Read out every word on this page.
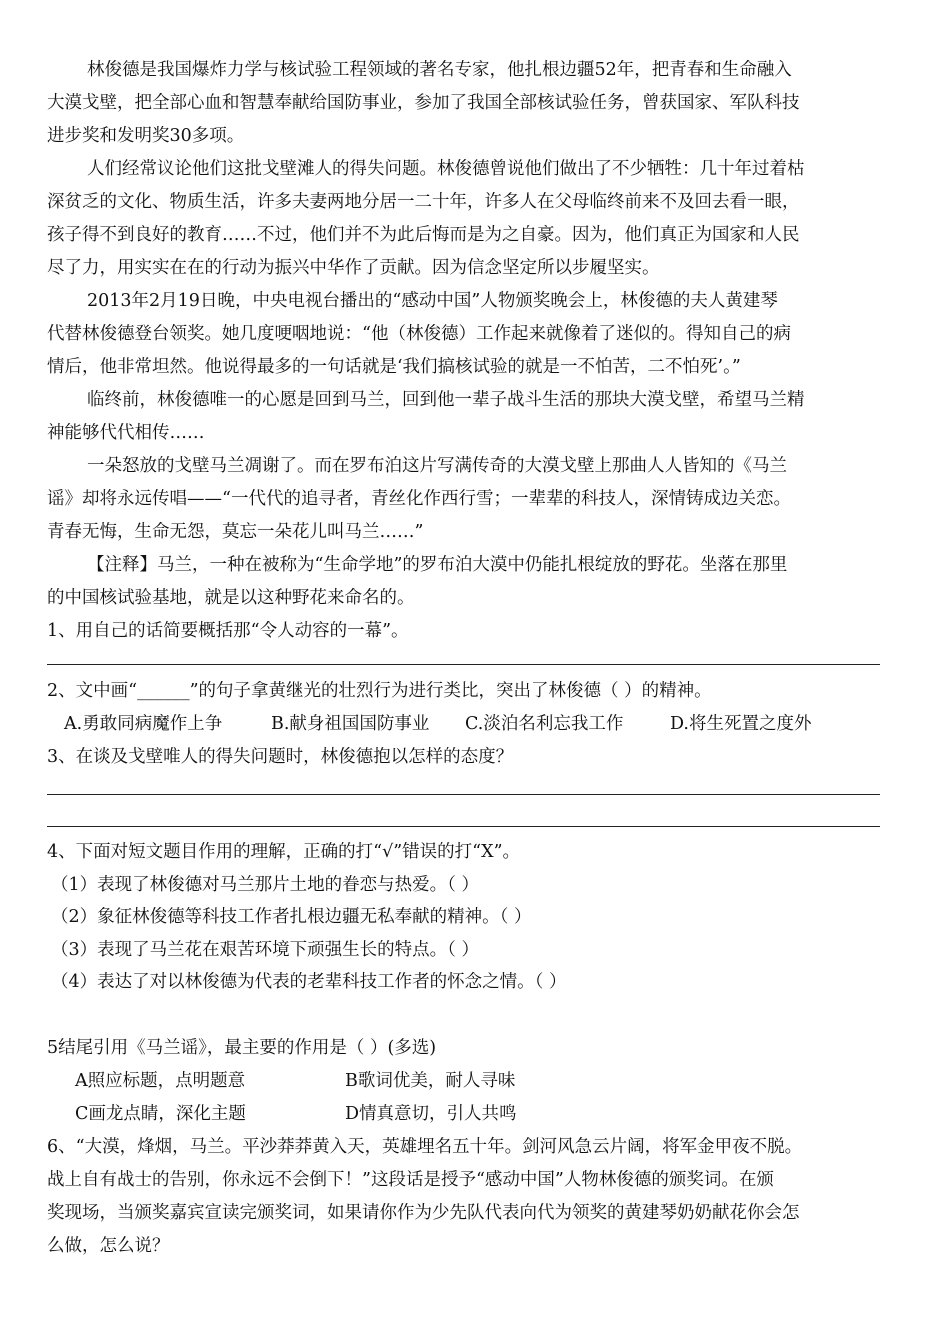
林俊德是我国爆炸力学与核试验工程领域的著名专家，他扎根边疆52年，把青春和生命融入
大漠戈壁，把全部心血和智慧奉献给国防事业，参加了我国全部核试验任务，曾获国家、军队科技
进步奖和发明奖30多项。
人们经常议论他们这批戈壁滩人的得失问题。林俊德曾说他们做出了不少牺牲：几十年过着枯
深贫乏的文化、物质生活，许多夫妻两地分居一二十年，许多人在父母临终前来不及回去看一眼，
孩子得不到良好的教育……不过，他们并不为此后悔而是为之自豪。因为，他们真正为国家和人民
尽了力，用实实在在的行动为振兴中华作了贡献。因为信念坚定所以步履坚实。
2013年2月19日晚，中央电视台播出的“感动中国”人物颁奖晚会上，林俊德的夫人黄建琴
代替林俊德登台领奖。她几度哽咽地说：“他（林俊德）工作起来就像着了迷似的。得知自己的病
情后，他非常坦然。他说得最多的一句话就是‘我们搞核试验的就是一不怕苦，二不怕死’。”
临终前，林俊德唯一的心愿是回到马兰，回到他一辈子战斗生活的那块大漠戈壁，希望马兰精
神能够代代相传……
一朵怒放的戈壁马兰凋谢了。而在罗布泊这片写满传奇的大漠戈壁上那曲人人皆知的《马兰
谣》却将永远传唱——“一代代的追寻者，青丝化作西行雪；一辈辈的科技人，深情铸成边关恋。
青春无悔，生命无怨，莫忘一朵花儿叫马兰……”
【注释】马兰，一种在被称为“生命学地”的罗布泊大漠中仍能扎根绽放的野花。坐落在那里
的中国核试验基地，就是以这种野花来命名的。
1、用自己的话简要概括那“令人动容的一幕”。
2、文中画“______”的句子拿黄继光的壮烈行为进行类比，突出了林俊德（ ）的精神。
A.勇敢同病魔作上争	B.献身祖国国防事业 C.淡泊名利忘我工作	D.将生死置之度外
3、在谈及戈壁唯人的得失问题时，林俊德抱以怎样的态度？
4、下面对短文题目作用的理解，正确的打“√”错误的打“X”。
（1）表现了林俊德对马兰那片土地的眷恋与热爱。（ ）
（2）象征林俊德等科技工作者扎根边疆无私奉献的精神。（ ）
（3）表现了马兰花在艰苦环境下顽强生长的特点。（ ）
（4）表达了对以林俊德为代表的老辈科技工作者的怀念之情。（ ）
5结尾引用《马兰谣》，最主要的作用是（ ）(多选)
A照应标题，点明题意	B歌词优美，耐人寻味
C画龙点睛，深化主题	D情真意切，引人共鸣
6、“大漠，烽烟，马兰。平沙莽莽黄入天，英雄埋名五十年。剑河风急云片阔，将军金甲夜不脱。
战上自有战士的告别，你永远不会倒下！”这段话是授予“感动中国”人物林俊德的颁奖词。在颁
奖现场，当颁奖嘉宾宣读完颁奖词，如果请你作为少先队代表向代为领奖的黄建琴奶奶献花你会怎
么做，怎么说？
